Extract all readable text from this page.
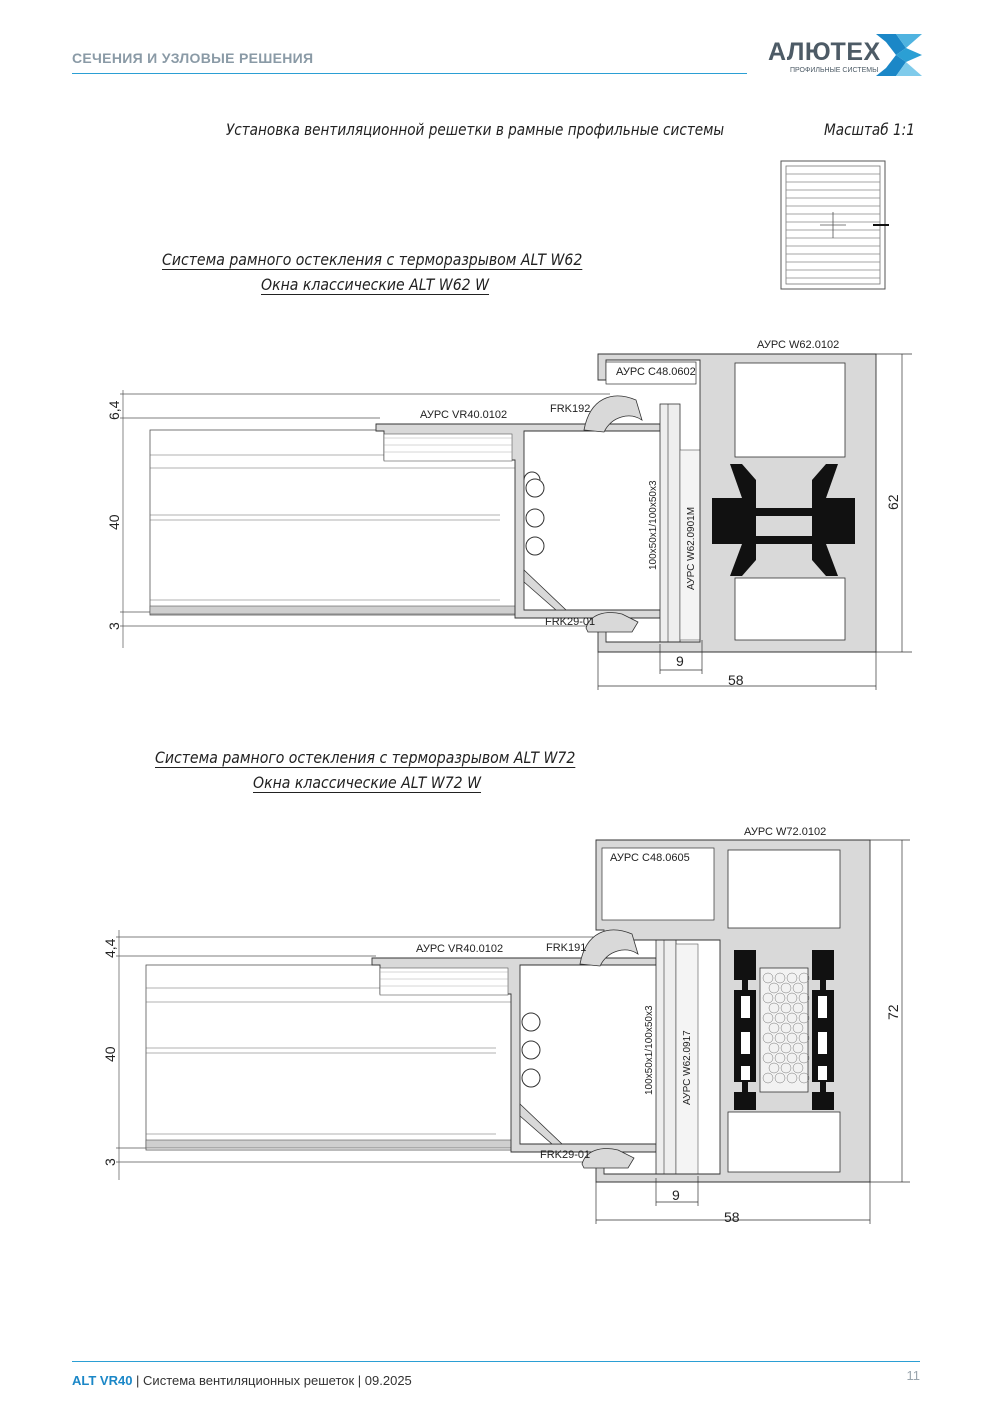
СЕЧЕНИЯ И УЗЛОВЫЕ РЕШЕНИЯ	АЛЮТЕХ
ПРОФИЛЬНЫЕ СИСТЕМЫ
Установка вентиляционной решетки в рамные профильные системы	Масштаб 1:1
Система рамного остекления с терморазрывом ALT W62
Окна классические ALT W62 W
АУРС W62.0102
АУРС С48.0602
АУРС VR40.0102	FRK192
FRK29-01
100х50х1/100х50х3	АУРС W62.0901М
6,4
40
3
62
9
58
Система рамного остекления с терморазрывом ALT W72
Окна классические ALT W72 W
АУРС W72.0102
АУРС С48.0605
АУРС VR40.0102	FRK191
FRK29-01
100х50х1/100х50х3	АУРС W62.0917
4,4
40
3
72
9
58
ALT VR40 | Система вентиляционных решеток | 09.2025	11
